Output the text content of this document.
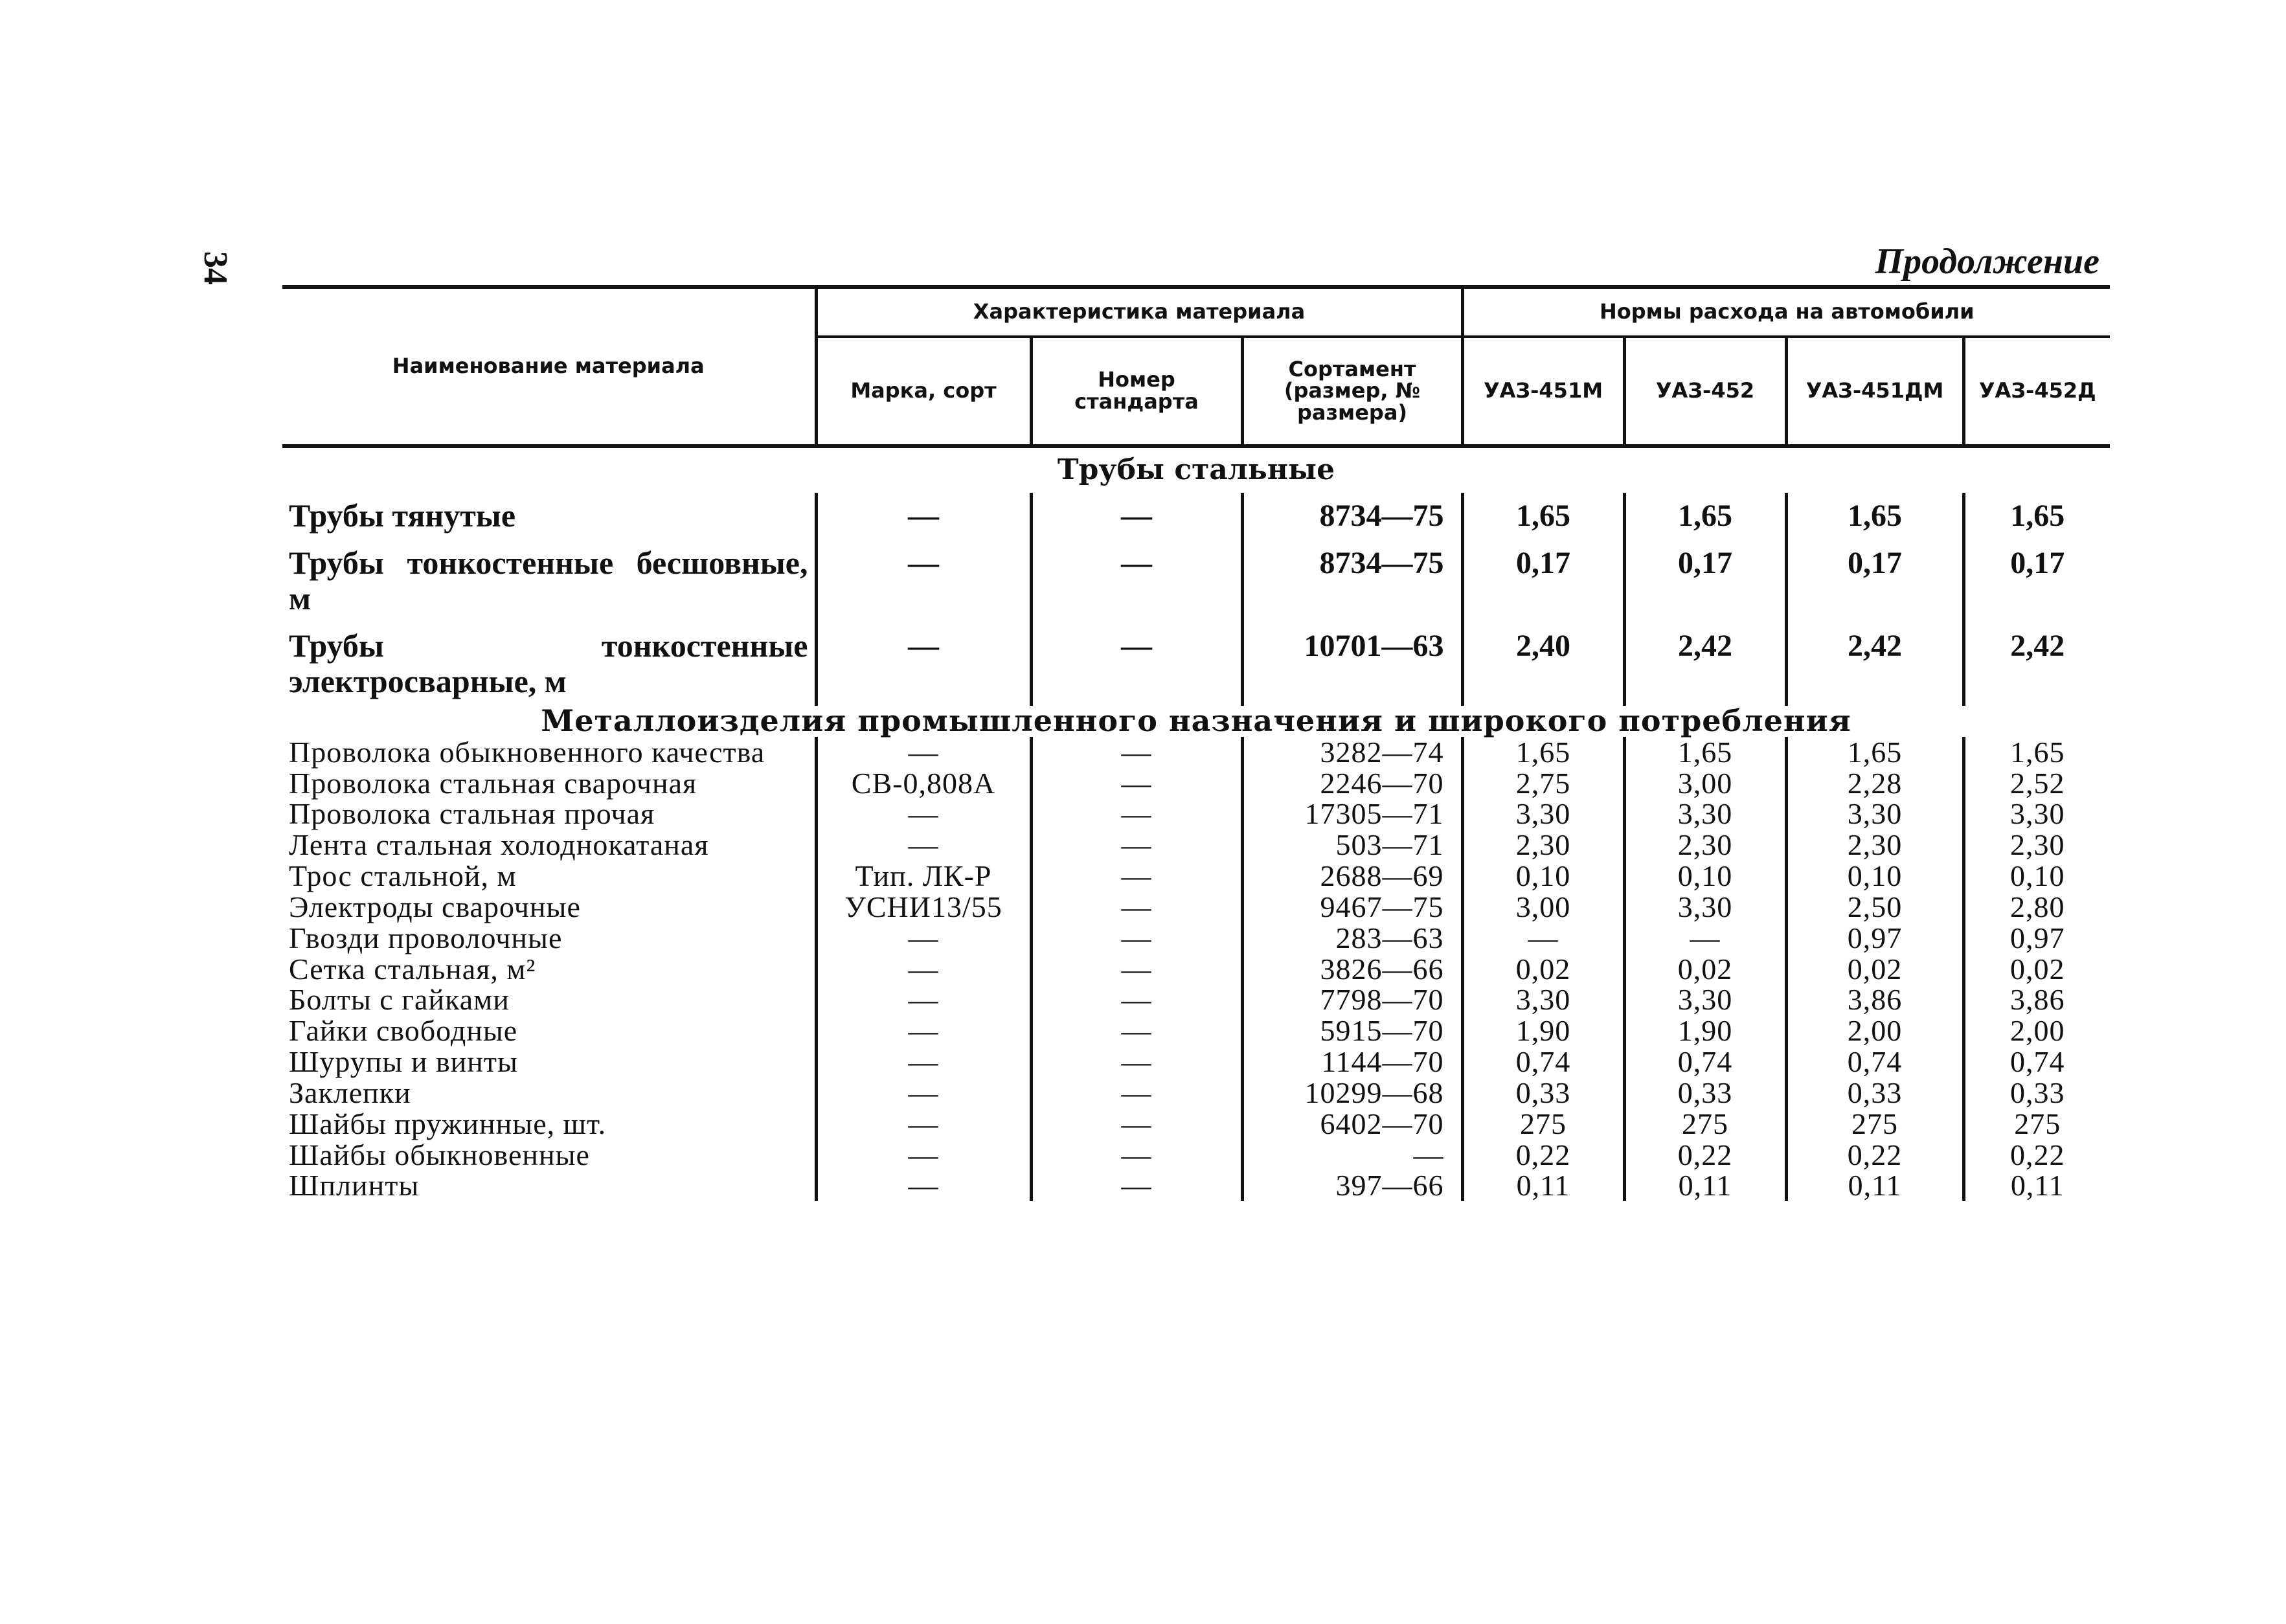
34	Продолжение
Наименование материала	Характеристика материала			Нормы расхода на автомобили			
	Марка, сорт	Номер стандарта	Сортамент (размер, № размера)	УАЗ-451М	УАЗ-452	УАЗ-451ДМ	УАЗ-452Д
Трубы стальные							
Трубы тянутые	—	—	8734—75	1,65	1,65	1,65	1,65
Трубы тонкостенные бесшовные, м	—	—	8734—75	0,17	0,17	0,17	0,17
Трубы тонкостенные электросварные, м	—	—	10701—63	2,40	2,42	2,42	2,42
Металлоизделия промышленного назначения и широкого потребления							
Проволока обыкновенного качества	—	—	3282—74	1,65	1,65	1,65	1,65
Проволока стальная сварочная	СВ-0,808А	—	2246—70	2,75	3,00	2,28	2,52
Проволока стальная прочая	—	—	17305—71	3,30	3,30	3,30	3,30
Лента стальная холоднокатаная	—	—	503—71	2,30	2,30	2,30	2,30
Трос стальной, м	Тип. ЛК-Р	—	2688—69	0,10	0,10	0,10	0,10
Электроды сварочные	УСНИ13/55	—	9467—75	3,00	3,30	2,50	2,80
Гвозди проволочные	—	—	283—63	—	—	0,97	0,97
Сетка стальная, м²	—	—	3826—66	0,02	0,02	0,02	0,02
Болты с гайками	—	—	7798—70	3,30	3,30	3,86	3,86
Гайки свободные	—	—	5915—70	1,90	1,90	2,00	2,00
Шурупы и винты	—	—	1144—70	0,74	0,74	0,74	0,74
Заклепки	—	—	10299—68	0,33	0,33	0,33	0,33
Шайбы пружинные, шт.	—	—	6402—70	275	275	275	275
Шайбы обыкновенные	—	—	—	0,22	0,22	0,22	0,22
Шплинты	—	—	397—66	0,11	0,11	0,11	0,11
